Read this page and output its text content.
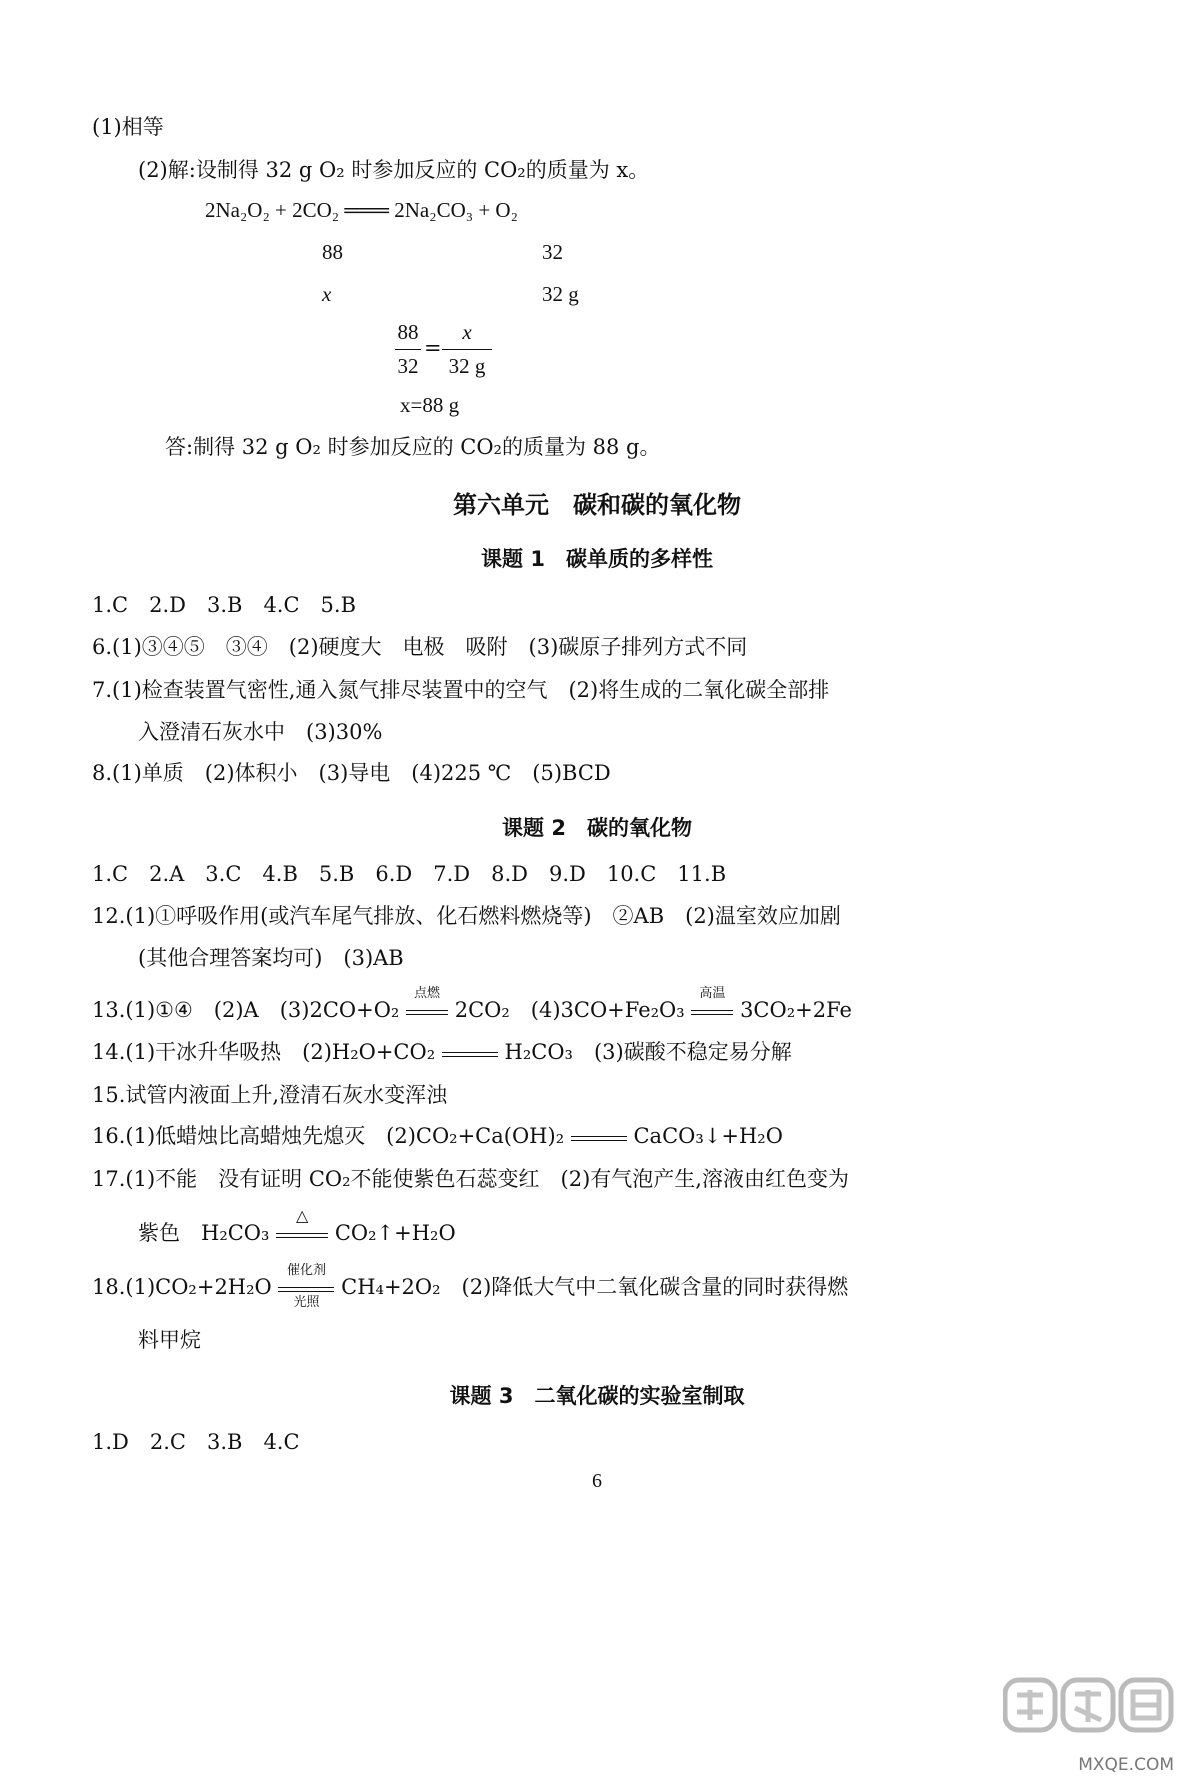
(1)相等
(2)解:设制得 32 g O₂ 时参加反应的 CO₂的质量为 x。
2Na₂O₂ + 2CO₂ ═══ 2Na₂CO₃ + O₂
88	32
x	32 g
88
32
=
x
32 g
x=88 g
答:制得 32 g O₂ 时参加反应的 CO₂的质量为 88 g。
第六单元　碳和碳的氧化物
课题 1　碳单质的多样性
1.C　2.D　3.B　4.C　5.B
6.(1)③④⑤　③④　(2)硬度大　电极　吸附　(3)碳原子排列方式不同
7.(1)检查装置气密性,通入氮气排尽装置中的空气　(2)将生成的二氧化碳全部排
入澄清石灰水中　(3)30%
8.(1)单质　(2)体积小　(3)导电　(4)225 ℃　(5)BCD
课题 2　碳的氧化物
1.C　2.A　3.C　4.B　5.B　6.D　7.D　8.D　9.D　10.C　11.B
12.(1)①呼吸作用(或汽车尾气排放、化石燃料燃烧等)　②AB　(2)温室效应加剧
(其他合理答案均可)　(3)AB
13.(1)①④　(2)A　(3)2CO+O₂
点燃
2CO₂　(4)3CO+Fe₂O₃
高温
3CO₂+2Fe
14.(1)干冰升华吸热　(2)H₂O+CO₂	H₂CO₃　(3)碳酸不稳定易分解
15.试管内液面上升,澄清石灰水变浑浊
16.(1)低蜡烛比高蜡烛先熄灭　(2)CO₂+Ca(OH)₂	CaCO₃↓+H₂O
17.(1)不能　没有证明 CO₂不能使紫色石蕊变红　(2)有气泡产生,溶液由红色变为
紫色　H₂CO₃
△
CO₂↑+H₂O
18.(1)CO₂+2H₂O
催化剂
光照
CH₄+2O₂　(2)降低大气中二氧化碳含量的同时获得燃
料甲烷
课题 3　二氧化碳的实验室制取
1.D　2.C　3.B　4.C
6
MXQE.COM
